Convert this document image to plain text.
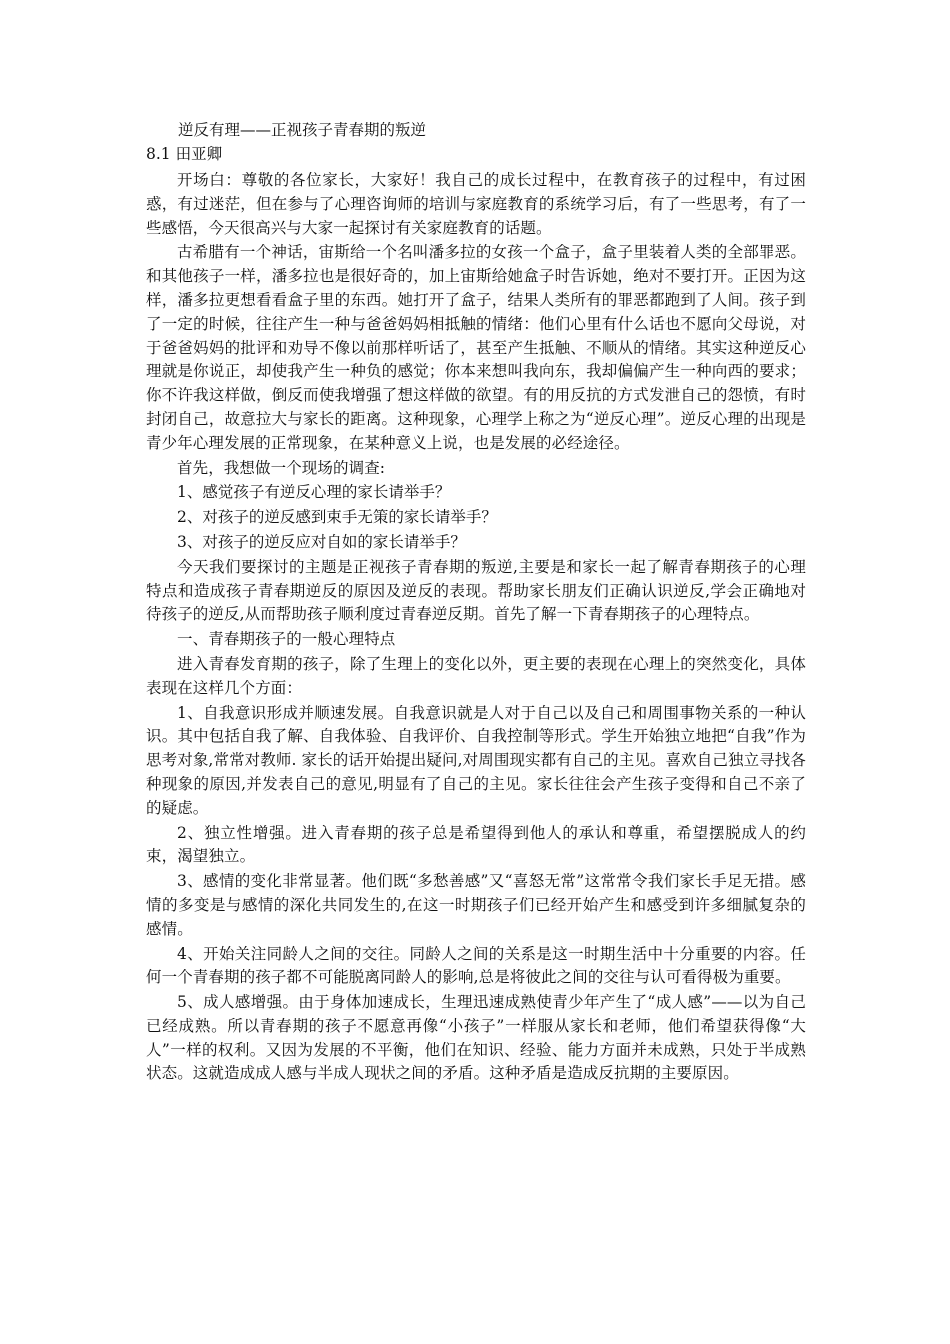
逆反有理——正视孩子青春期的叛逆

8.1 田亚卿

开场白：尊敬的各位家长，大家好！我自己的成长过程中，在教育孩子的过程中，有过困惑，有过迷茫，但在参与了心理咨询师的培训与家庭教育的系统学习后，有了一些思考，有了一些感悟，今天很高兴与大家一起探讨有关家庭教育的话题。

古希腊有一个神话，宙斯给一个名叫潘多拉的女孩一个盒子，盒子里装着人类的全部罪恶。和其他孩子一样，潘多拉也是很好奇的，加上宙斯给她盒子时告诉她，绝对不要打开。正因为这样，潘多拉更想看看盒子里的东西。她打开了盒子，结果人类所有的罪恶都跑到了人间。孩子到了一定的时候，往往产生一种与爸爸妈妈相抵触的情绪：他们心里有什么话也不愿向父母说，对于爸爸妈妈的批评和劝导不像以前那样听话了，甚至产生抵触、不顺从的情绪。其实这种逆反心理就是你说正，却使我产生一种负的感觉；你本来想叫我向东，我却偏偏产生一种向西的要求；你不许我这样做，倒反而使我增强了想这样做的欲望。有的用反抗的方式发泄自己的怨愤，有时封闭自己，故意拉大与家长的距离。这种现象，心理学上称之为“逆反心理”。逆反心理的出现是青少年心理发展的正常现象，在某种意义上说，也是发展的必经途径。

首先，我想做一个现场的调查:

1、感觉孩子有逆反心理的家长请举手？

2、对孩子的逆反感到束手无策的家长请举手？

3、对孩子的逆反应对自如的家长请举手？

今天我们要探讨的主题是正视孩子青春期的叛逆,主要是和家长一起了解青春期孩子的心理特点和造成孩子青春期逆反的原因及逆反的表现。帮助家长朋友们正确认识逆反,学会正确地对待孩子的逆反,从而帮助孩子顺利度过青春逆反期。首先了解一下青春期孩子的心理特点。

一、青春期孩子的一般心理特点

进入青春发育期的孩子，除了生理上的变化以外，更主要的表现在心理上的突然变化，具体表现在这样几个方面：

1、自我意识形成并顺速发展。自我意识就是人对于自己以及自己和周围事物关系的一种认识。其中包括自我了解、自我体验、自我评价、自我控制等形式。学生开始独立地把“自我”作为思考对象,常常对教师. 家长的话开始提出疑问,对周围现实都有自己的主见。喜欢自己独立寻找各种现象的原因,并发表自己的意见,明显有了自己的主见。家长往往会产生孩子变得和自己不亲了的疑虑。

2、独立性增强。进入青春期的孩子总是希望得到他人的承认和尊重，希望摆脱成人的约束，渴望独立。

3、感情的变化非常显著。他们既“多愁善感”又“喜怒无常”这常常令我们家长手足无措。感情的多变是与感情的深化共同发生的,在这一时期孩子们已经开始产生和感受到许多细腻复杂的感情。

4、开始关注同龄人之间的交往。同龄人之间的关系是这一时期生活中十分重要的内容。任何一个青春期的孩子都不可能脱离同龄人的影响,总是将彼此之间的交往与认可看得极为重要。

5、成人感增强。由于身体加速成长，生理迅速成熟使青少年产生了“成人感”——以为自己已经成熟。所以青春期的孩子不愿意再像“小孩子”一样服从家长和老师，他们希望获得像“大人”一样的权利。又因为发展的不平衡，他们在知识、经验、能力方面并未成熟，只处于半成熟状态。这就造成成人感与半成人现状之间的矛盾。这种矛盾是造成反抗期的主要原因。
